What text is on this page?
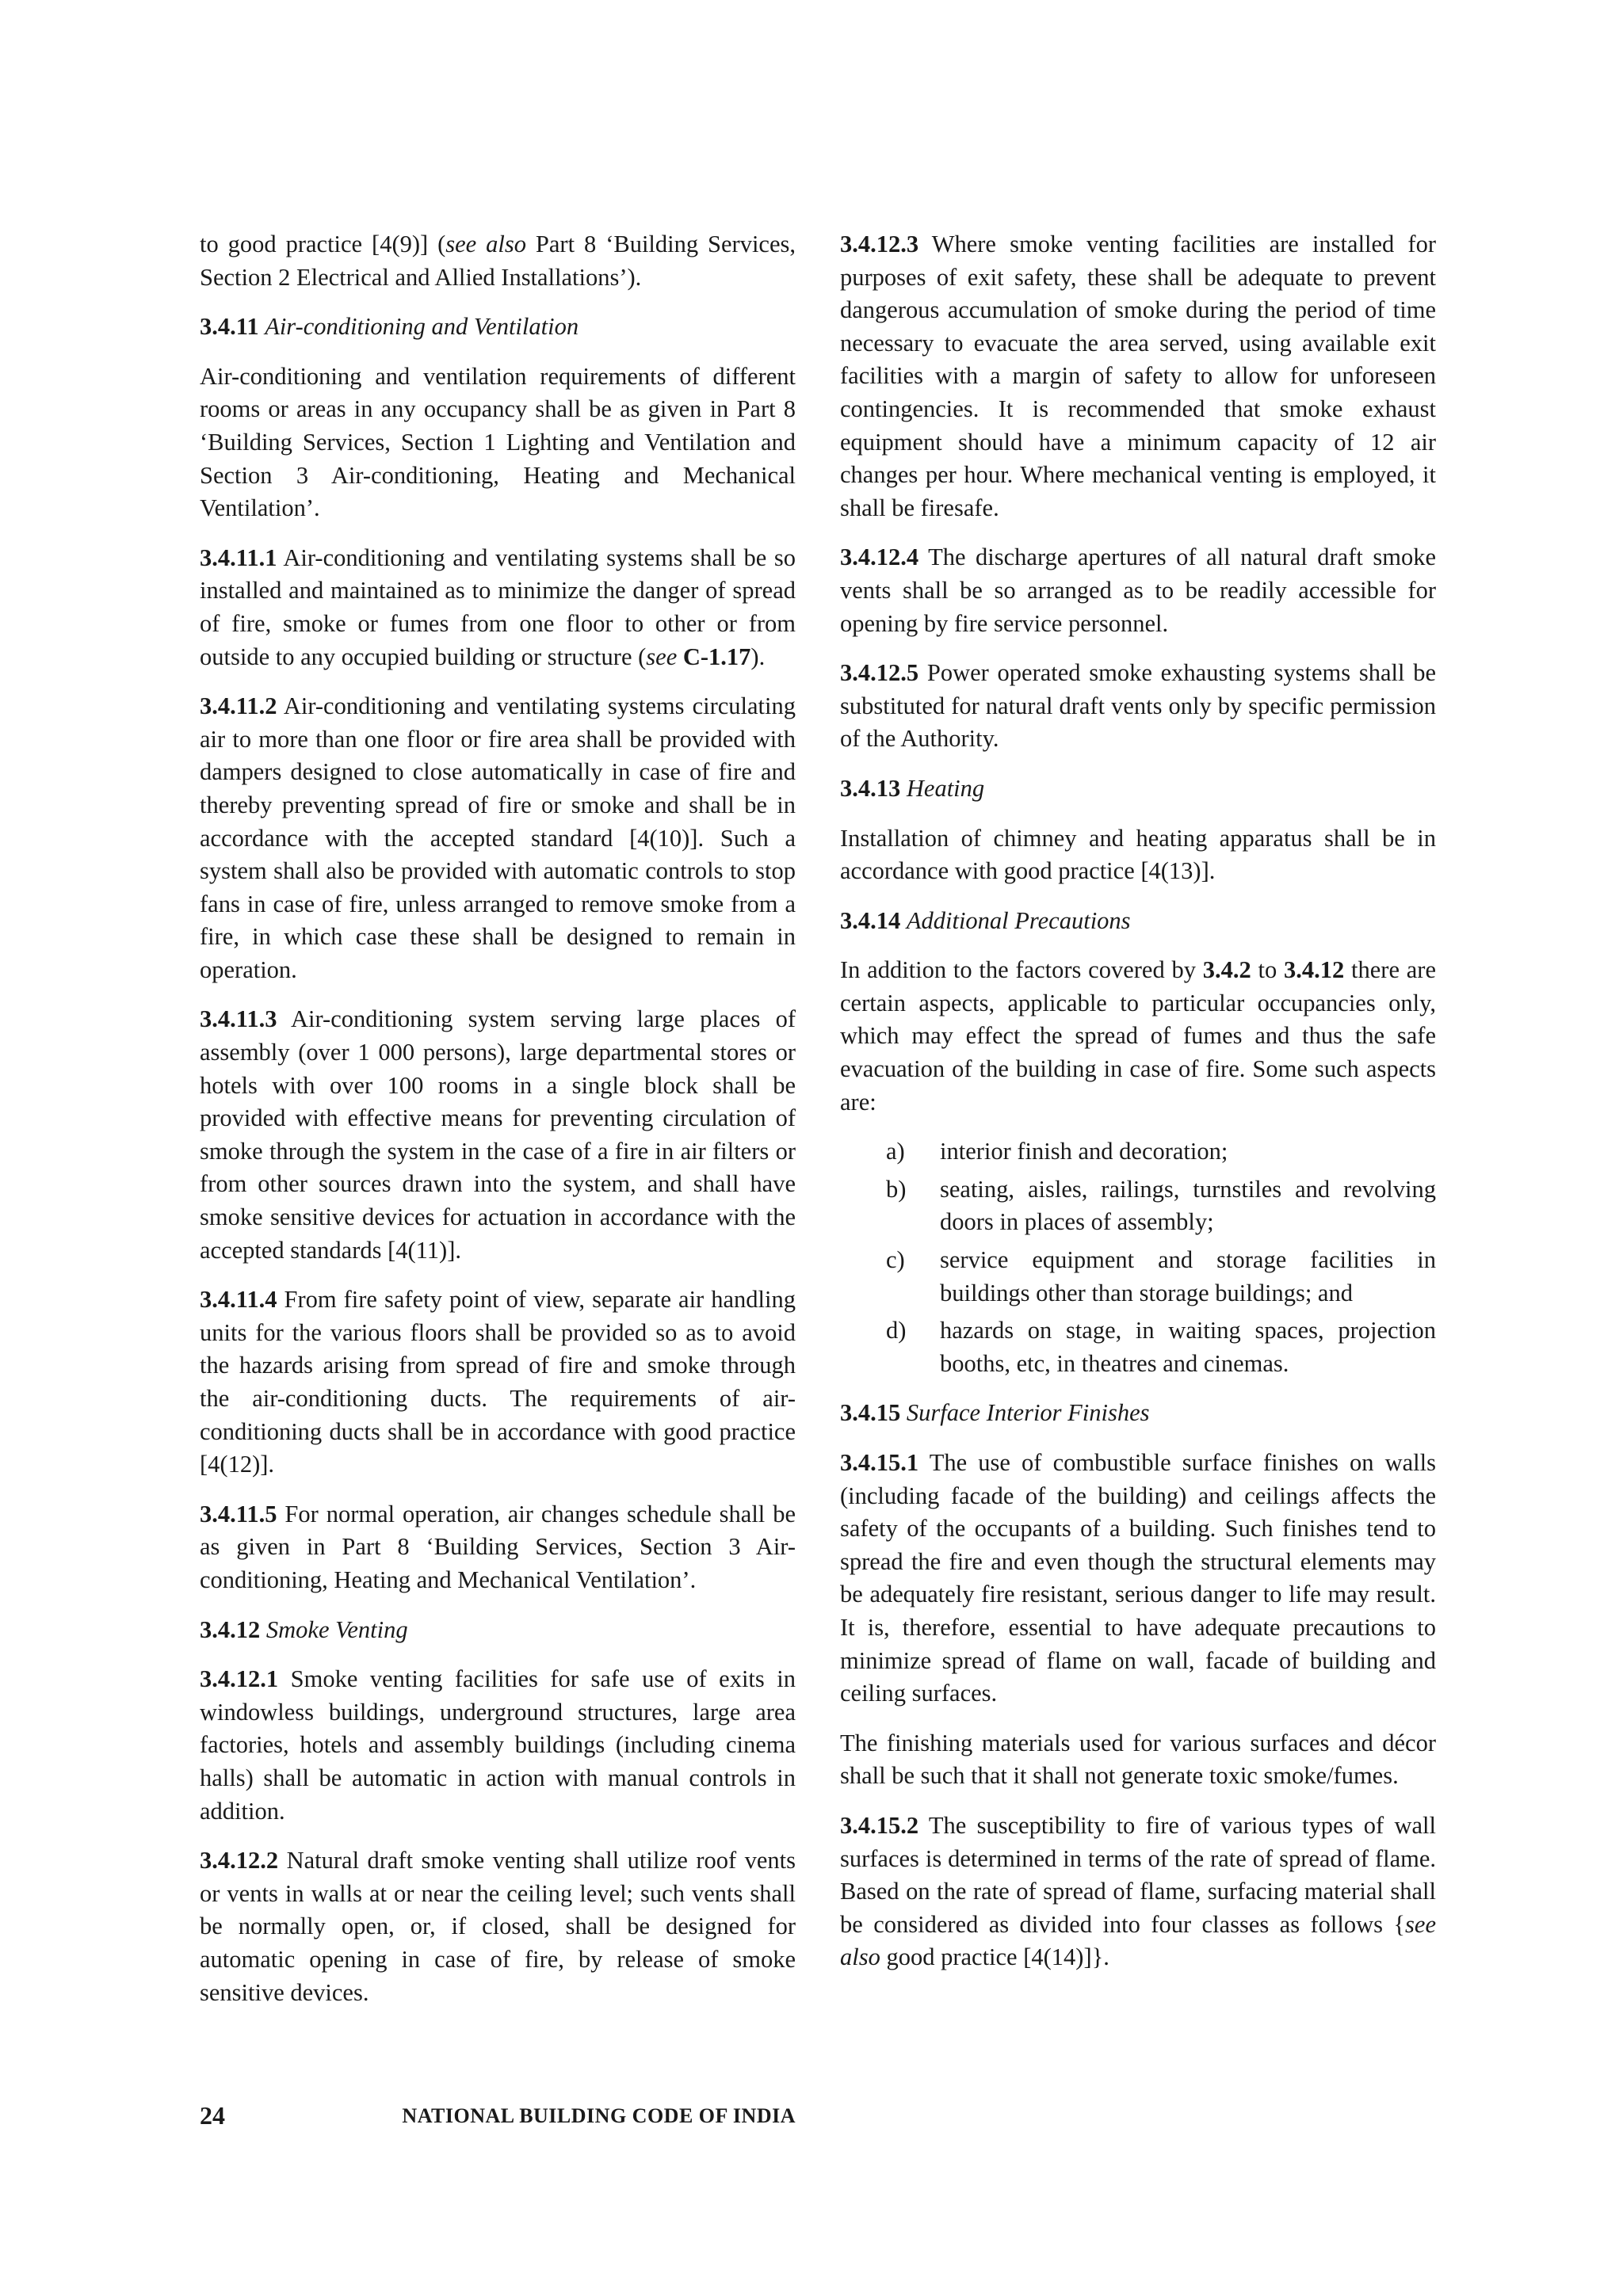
to good practice [4(9)] (see also Part 8 ‘Building Services, Section 2 Electrical and Allied Installations’).

3.4.11 Air-conditioning and Ventilation

Air-conditioning and ventilation requirements of different rooms or areas in any occupancy shall be as given in Part 8 ‘Building Services, Section 1 Lighting and Ventilation and Section 3 Air-conditioning, Heating and Mechanical Ventilation’.

3.4.11.1 Air-conditioning and ventilating systems shall be so installed and maintained as to minimize the danger of spread of fire, smoke or fumes from one floor to other or from outside to any occupied building or structure (see C-1.17).

3.4.11.2 Air-conditioning and ventilating systems circulating air to more than one floor or fire area shall be provided with dampers designed to close automatically in case of fire and thereby preventing spread of fire or smoke and shall be in accordance with the accepted standard [4(10)]. Such a system shall also be provided with automatic controls to stop fans in case of fire, unless arranged to remove smoke from a fire, in which case these shall be designed to remain in operation.

3.4.11.3 Air-conditioning system serving large places of assembly (over 1 000 persons), large departmental stores or hotels with over 100 rooms in a single block shall be provided with effective means for preventing circulation of smoke through the system in the case of a fire in air filters or from other sources drawn into the system, and shall have smoke sensitive devices for actuation in accordance with the accepted standards [4(11)].

3.4.11.4 From fire safety point of view, separate air handling units for the various floors shall be provided so as to avoid the hazards arising from spread of fire and smoke through the air-conditioning ducts. The requirements of air-conditioning ducts shall be in accordance with good practice [4(12)].

3.4.11.5 For normal operation, air changes schedule shall be as given in Part 8 ‘Building Services, Section 3 Air-conditioning, Heating and Mechanical Ventilation’.

3.4.12 Smoke Venting

3.4.12.1 Smoke venting facilities for safe use of exits in windowless buildings, underground structures, large area factories, hotels and assembly buildings (including cinema halls) shall be automatic in action with manual controls in addition.

3.4.12.2 Natural draft smoke venting shall utilize roof vents or vents in walls at or near the ceiling level; such vents shall be normally open, or, if closed, shall be designed for automatic opening in case of fire, by release of smoke sensitive devices.

3.4.12.3 Where smoke venting facilities are installed for purposes of exit safety, these shall be adequate to prevent dangerous accumulation of smoke during the period of time necessary to evacuate the area served, using available exit facilities with a margin of safety to allow for unforeseen contingencies. It is recommended that smoke exhaust equipment should have a minimum capacity of 12 air changes per hour. Where mechanical venting is employed, it shall be firesafe.

3.4.12.4 The discharge apertures of all natural draft smoke vents shall be so arranged as to be readily accessible for opening by fire service personnel.

3.4.12.5 Power operated smoke exhausting systems shall be substituted for natural draft vents only by specific permission of the Authority.

3.4.13 Heating

Installation of chimney and heating apparatus shall be in accordance with good practice [4(13)].

3.4.14 Additional Precautions

In addition to the factors covered by 3.4.2 to 3.4.12 there are certain aspects, applicable to particular occupancies only, which may effect the spread of fumes and thus the safe evacuation of the building in case of fire. Some such aspects are:

a) interior finish and decoration;
b) seating, aisles, railings, turnstiles and revolving doors in places of assembly;
c) service equipment and storage facilities in buildings other than storage buildings; and
d) hazards on stage, in waiting spaces, projection booths, etc, in theatres and cinemas.
3.4.15 Surface Interior Finishes

3.4.15.1 The use of combustible surface finishes on walls (including facade of the building) and ceilings affects the safety of the occupants of a building. Such finishes tend to spread the fire and even though the structural elements may be adequately fire resistant, serious danger to life may result. It is, therefore, essential to have adequate precautions to minimize spread of flame on wall, facade of building and ceiling surfaces.

The finishing materials used for various surfaces and décor shall be such that it shall not generate toxic smoke/fumes.

3.4.15.2 The susceptibility to fire of various types of wall surfaces is determined in terms of the rate of spread of flame. Based on the rate of spread of flame, surfacing material shall be considered as divided into four classes as follows {see also good practice [4(14)]}.

24	NATIONAL BUILDING CODE OF INDIA
